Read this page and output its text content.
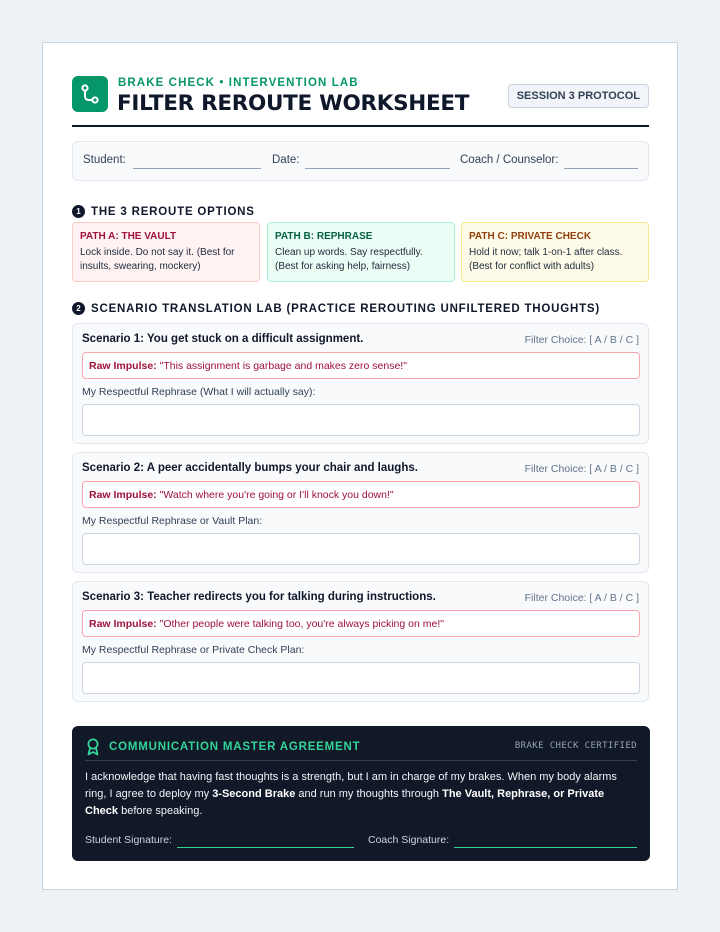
BRAKE CHECK • INTERVENTION LAB
FILTER REROUTE WORKSHEET	SESSION 3 PROTOCOL
Student:	Date:	Coach / Counselor:
1 THE 3 REROUTE OPTIONS
PATH A: THE VAULT
Lock inside. Do not say it. (Best for insults, swearing, mockery)
PATH B: REPHRASE
Clean up words. Say respectfully. (Best for asking help, fairness)
PATH C: PRIVATE CHECK
Hold it now; talk 1-on-1 after class. (Best for conflict with adults)
2 SCENARIO TRANSLATION LAB (PRACTICE REROUTING UNFILTERED THOUGHTS)
Scenario 1: You get stuck on a difficult assignment.	Filter Choice: [ A / B / C ]
Raw Impulse: "This assignment is garbage and makes zero sense!"
My Respectful Rephrase (What I will actually say):
Scenario 2: A peer accidentally bumps your chair and laughs.	Filter Choice: [ A / B / C ]
Raw Impulse: "Watch where you're going or I'll knock you down!"
My Respectful Rephrase or Vault Plan:
Scenario 3: Teacher redirects you for talking during instructions.	Filter Choice: [ A / B / C ]
Raw Impulse: "Other people were talking too, you're always picking on me!"
My Respectful Rephrase or Private Check Plan:
COMMUNICATION MASTER AGREEMENT	BRAKE CHECK CERTIFIED
I acknowledge that having fast thoughts is a strength, but I am in charge of my brakes. When my body alarms ring, I agree to deploy my 3-Second Brake and run my thoughts through The Vault, Rephrase, or Private Check before speaking.
Student Signature:	Coach Signature:
